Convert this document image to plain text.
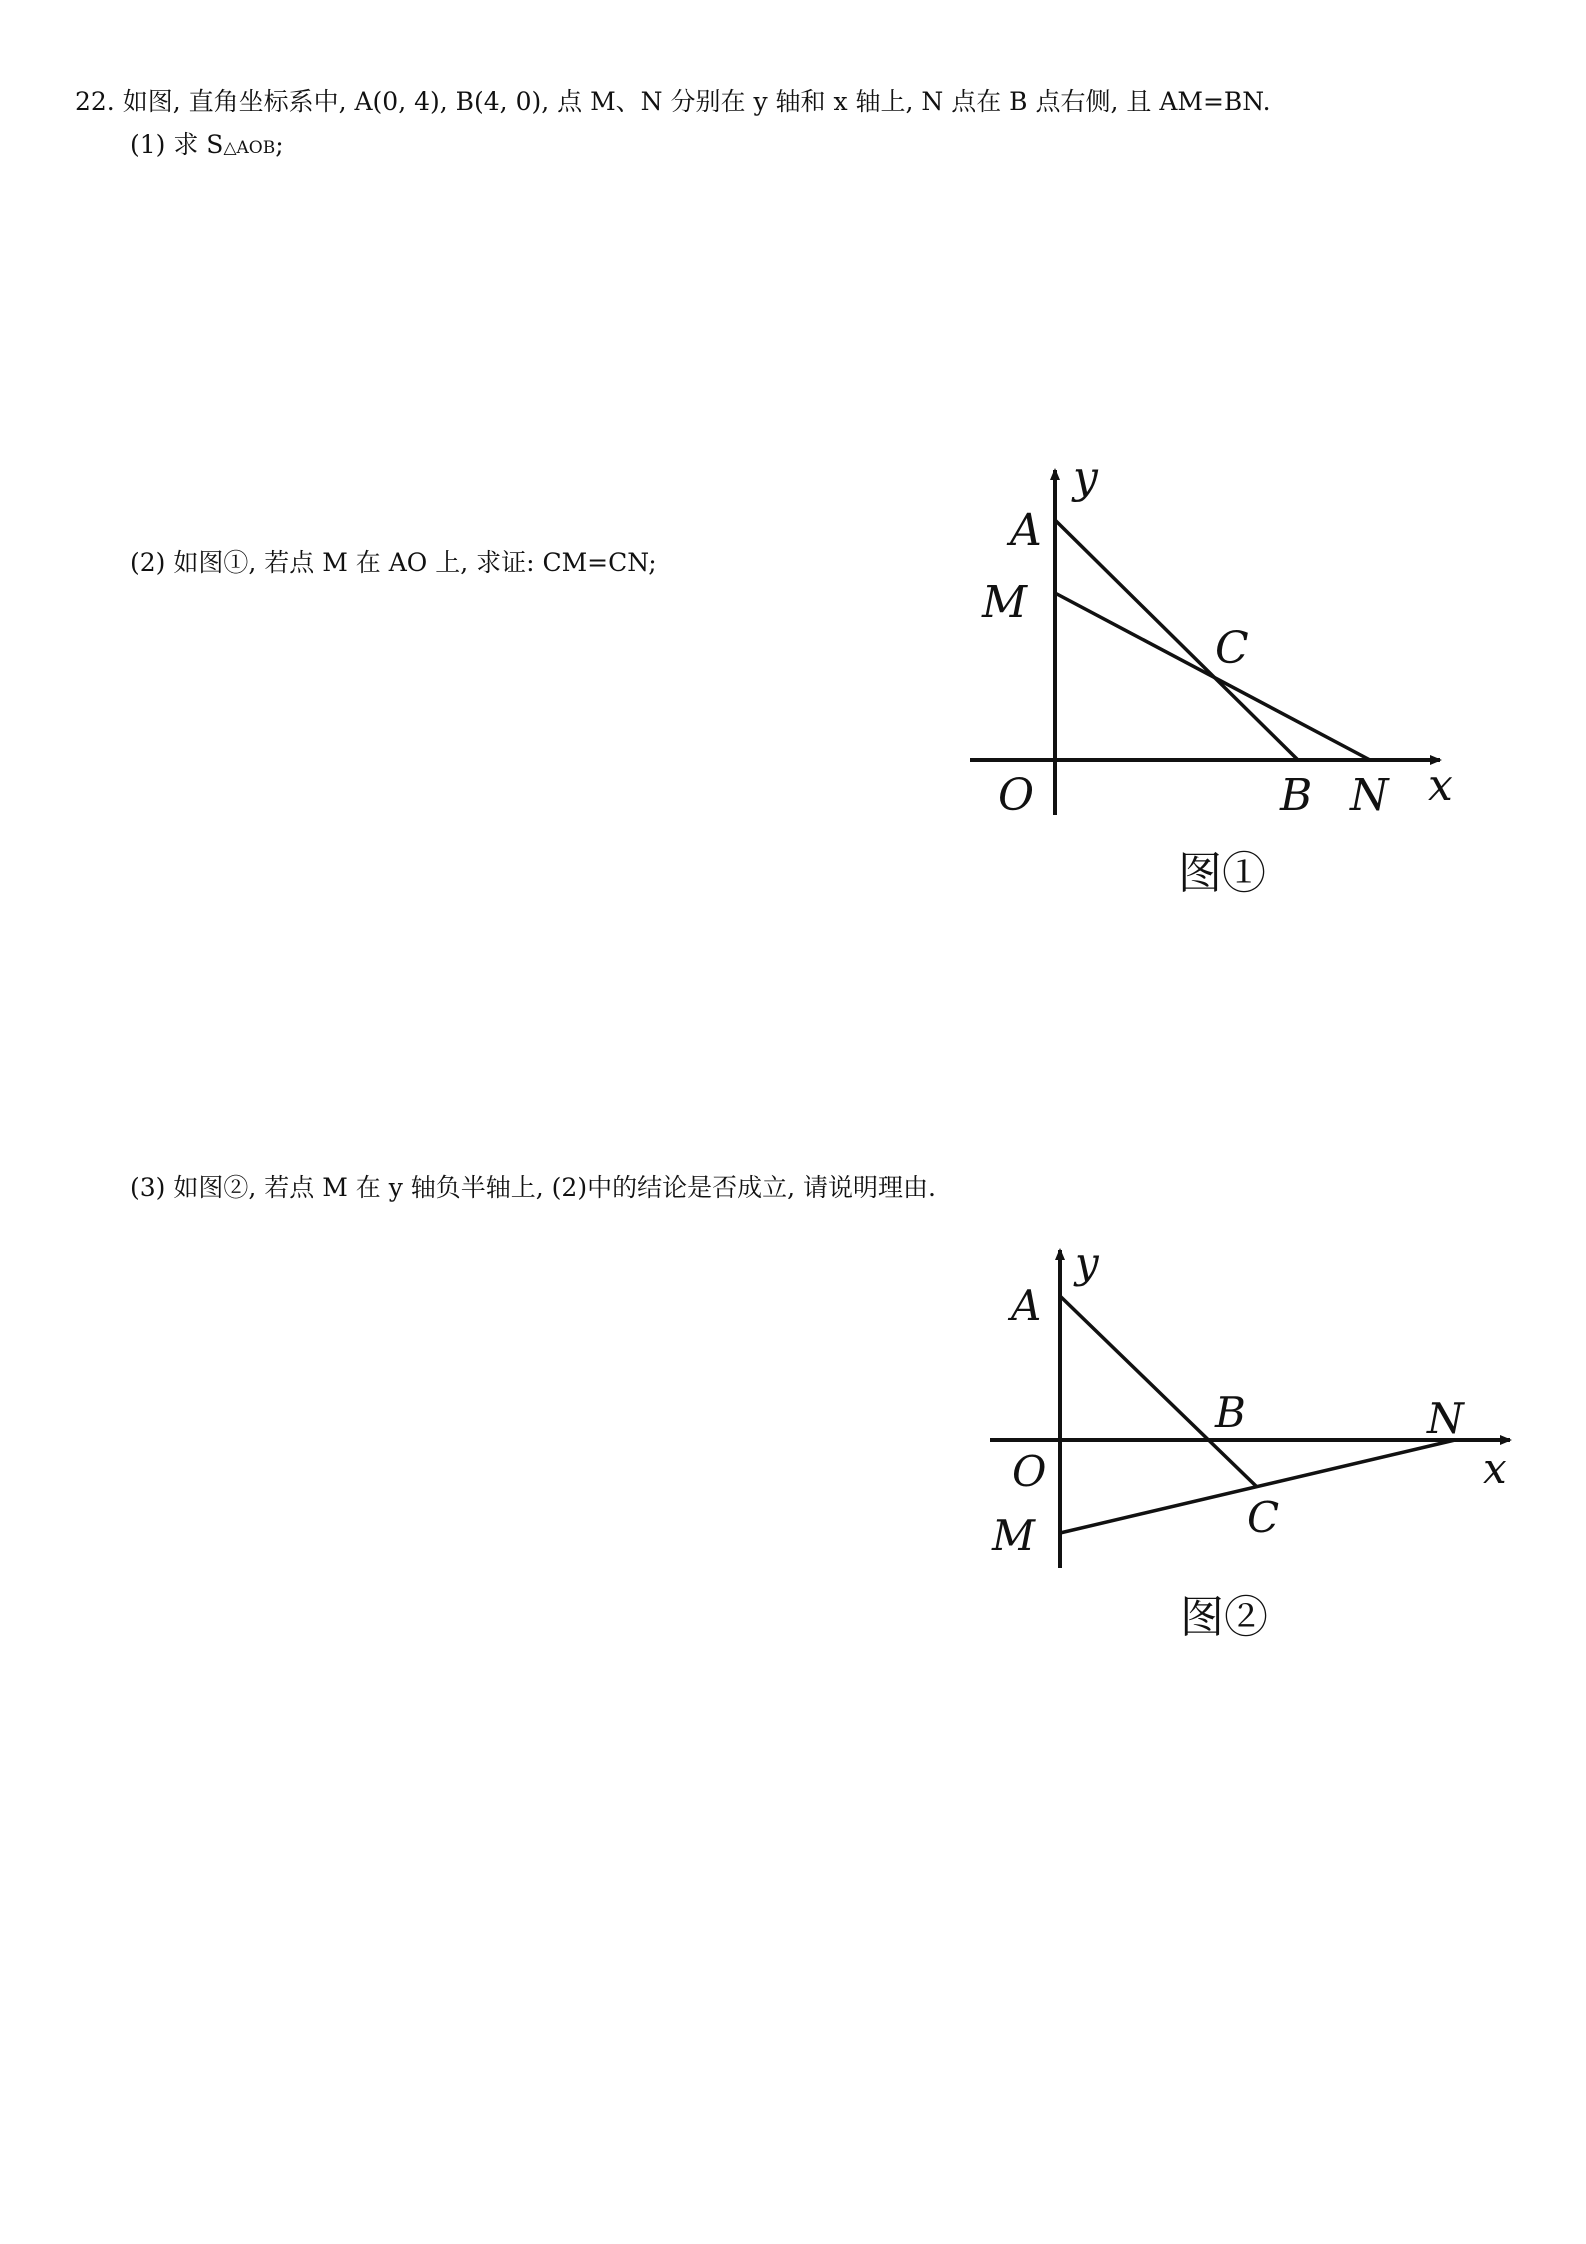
22. 如图, 直角坐标系中, A(0, 4), B(4, 0), 点 M、N 分别在 y 轴和 x 轴上, N 点在 B 点右侧, 且 AM=BN.
(1) 求 S△AOB;
(2) 如图①, 若点 M 在 AO 上, 求证: CM=CN;
(3) 如图②, 若点 M 在 y 轴负半轴上, (2)中的结论是否成立, 请说明理由.
y
A
M
C
O	B N x
图①
y
A
B	N
O	x
C
M
图②
